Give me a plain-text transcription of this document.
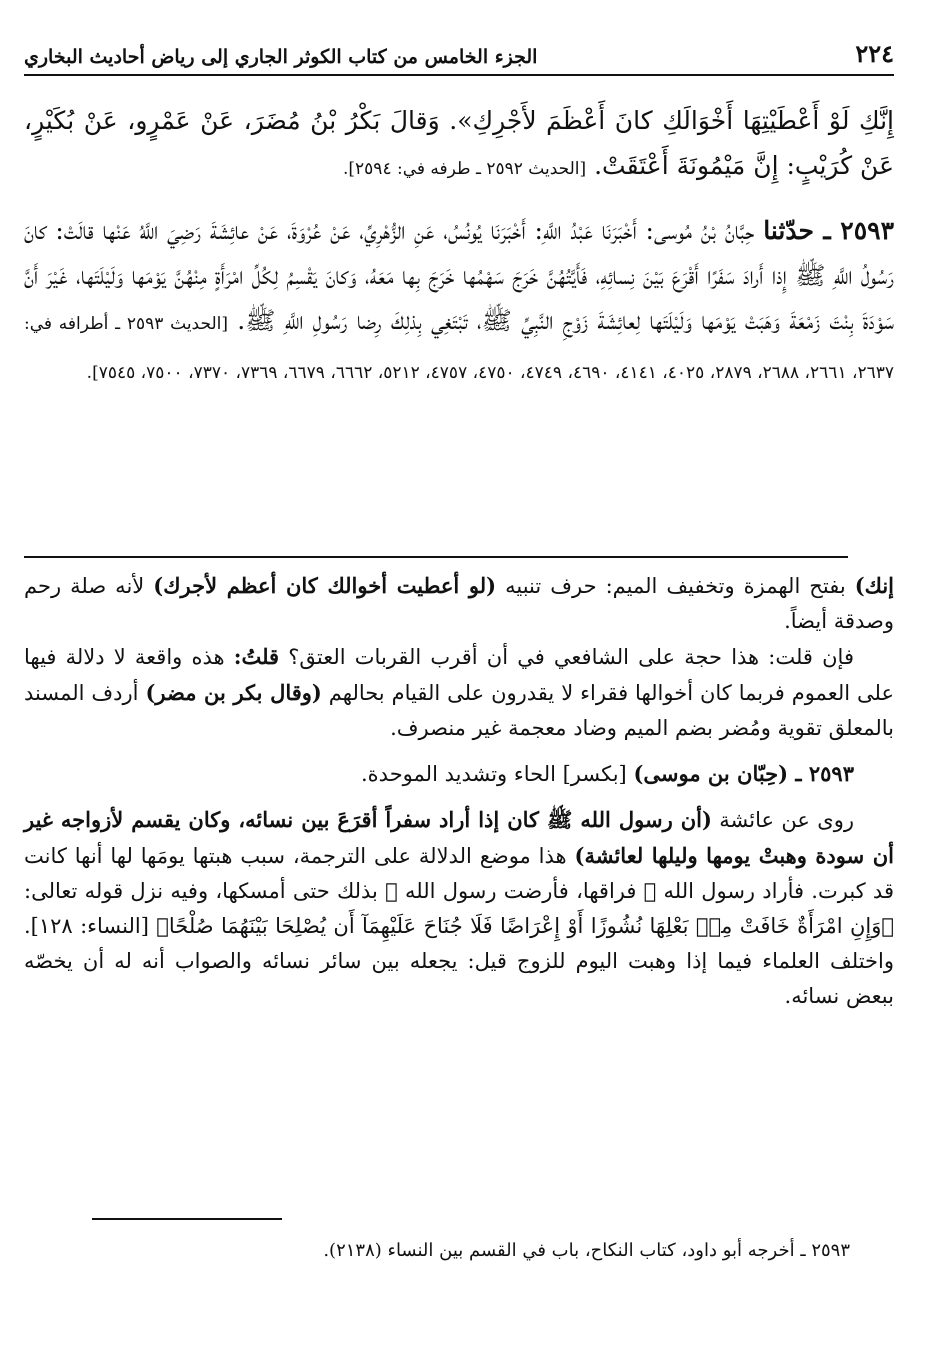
٢٢٤
الجزء الخامس من كتاب الكوثر الجاري إلى رياض أحاديث البخاري

إِنَّكِ لَوْ أَعْطَيْتِهَا أَخْوَالَكِ كانَ أَعْظَمَ لأَجْرِكِ». وَقالَ بَكْرُ بْنُ مُضَرَ، عَنْ عَمْرٍو، عَنْ بُكَيْرٍ، عَنْ كُرَيْبٍ: إِنَّ مَيْمُونَةَ أَعْتَقَتْ. [الحديث ٢٥٩٢ ـ طرفه في: ٢٥٩٤].

٢٥٩٣ ـ حدّثنا حِبَّانُ بْنُ مُوسى: أَخْبَرَنَا عَبْدُ اللَّهِ: أَخْبَرَنَا يُونُسُ، عَنِ الزُّهْرِيِّ، عَنْ عُرْوَةَ، عَنْ عائِشَةَ رَضِيَ اللَّهُ عَنْها قالَتْ: كانَ رَسُولُ اللَّهِ ﷺ إِذا أَرادَ سَفَرًا أَقْرَعَ بَيْنَ نِسائِهِ، فَأَيَّتُهُنَّ خَرَجَ سَهْمُها خَرَجَ بِها مَعَهُ، وَكانَ يَقْسِمُ لِكُلِّ امْرَأَةٍ مِنْهُنَّ يَوْمَها وَلَيْلَتَها، غَيْرَ أَنَّ سَوْدَةَ بِنْتَ زَمْعَةَ وَهَبَتْ يَوْمَها وَلَيْلَتَها لِعائِشَةَ زَوْجِ النَّبِيِّ ﷺ، تَبْتَغِي بِذلِكَ رِضا رَسُولِ اللَّهِ ﷺ. [الحديث ٢٥٩٣ ـ أطرافه في: ٢٦٣٧، ٢٦٦١، ٢٦٨٨، ٢٨٧٩، ٤٠٢٥، ٤١٤١، ٤٦٩٠، ٤٧٤٩، ٤٧٥٠، ٤٧٥٧، ٥٢١٢، ٦٦٦٢، ٦٦٧٩، ٧٣٦٩، ٧٣٧٠، ٧٥٠٠، ٧٥٤٥].

إنك) بفتح الهمزة وتخفيف الميم: حرف تنبيه (لو أعطيت أخوالك كان أعظم لأجرك) لأنه صلة رحم وصدقة أيضاً.

فإن قلت: هذا حجة على الشافعي في أن أقرب القربات العتق؟ قلتُ: هذه واقعة لا دلالة فيها على العموم فربما كان أخوالها فقراء لا يقدرون على القيام بحالهم (وقال بكر بن مضر) أردف المسند بالمعلق تقوية ومُضر بضم الميم وضاد معجمة غير منصرف.

٢٥٩٣ ـ (حِبّان بن موسى) [بكسر] الحاء وتشديد الموحدة.

روى عن عائشة (أن رسول الله ﷺ كان إذا أراد سفراً أقرَعَ بين نسائه، وكان يقسم لأزواجه غير أن سودة وهبتْ يومها وليلها لعائشة) هذا موضع الدلالة على الترجمة، سبب هبتها يومَها لها أنها كانت قد كبرت. فأراد رسول الله ﷺ فراقها، فأرضت رسول الله ﷺ بذلك حتى أمسكها، وفيه نزل قوله تعالى: ﴿وَإِنِ امْرَأَةٌ خَافَتْ مِنۢ بَعْلِهَا نُشُوزًا أَوْ إِعْرَاضًا فَلَا جُنَاحَ عَلَيْهِمَآ أَن يُصْلِحَا بَيْنَهُمَا صُلْحًا﴾ [النساء: ١٢٨]. واختلف العلماء فيما إذا وهبت اليوم للزوج قيل: يجعله بين سائر نسائه والصواب أنه له أن يخصّه ببعض نسائه.

٢٥٩٣ ـ أخرجه أبو داود، كتاب النكاح، باب في القسم بين النساء (٢١٣٨).
